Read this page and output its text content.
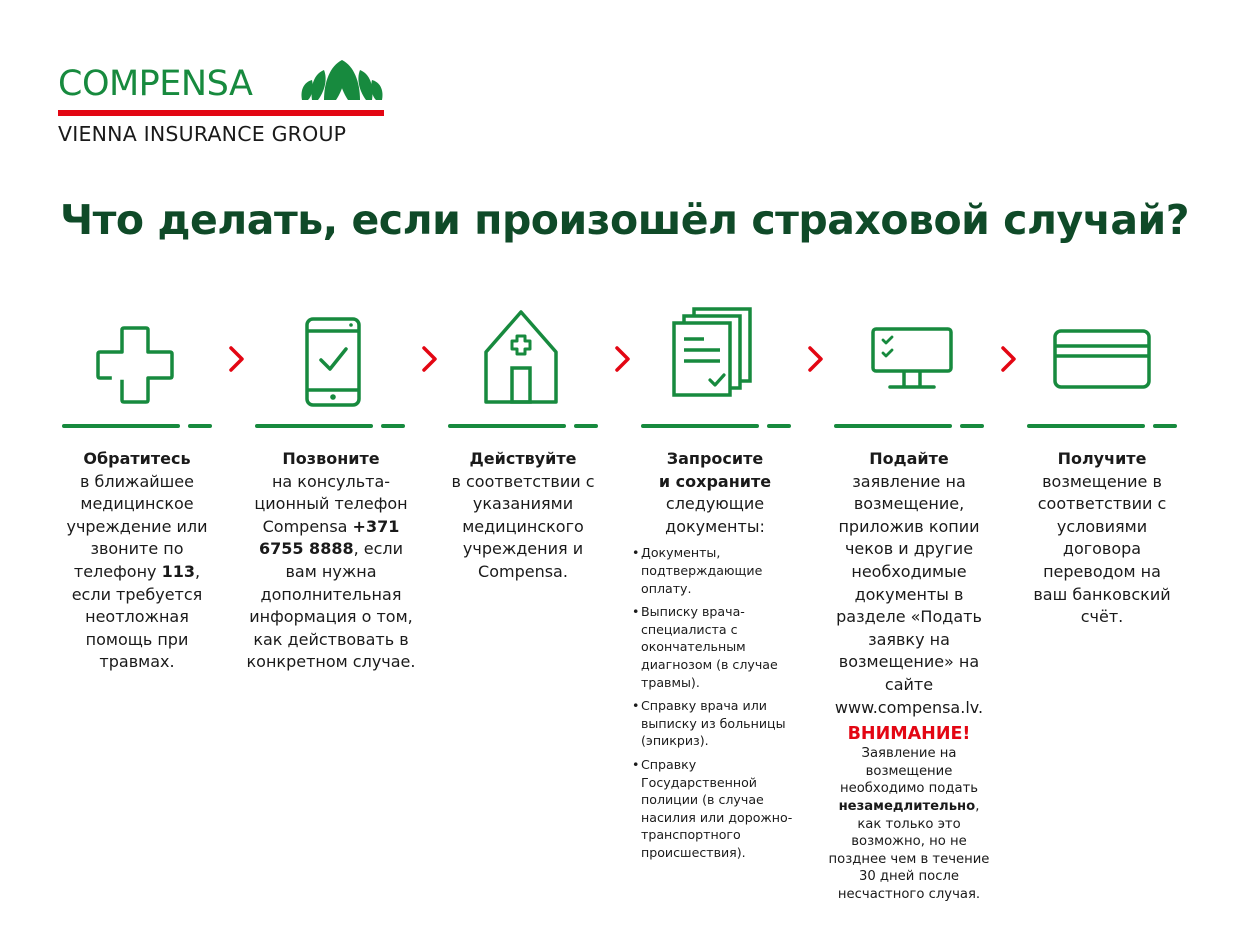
COMPENSA
VIENNA INSURANCE GROUP
Что делать, если произошёл страховой случай?
Обратитесь
в ближайшее медицинское учреждение или звоните по телефону 113, если требуется неотложная помощь при травмах.
Позвоните
на консульта-ционный телефон Compensa +371 6755 8888, если вам нужна дополнительная информация о том, как действовать в конкретном случае.
Действуйте
в соответствии с указаниями медицинского учреждения и Compensa.
Запросите
и сохраните
следующие документы:
• Документы, подтверждающие оплату.
• Выписку врача-специалиста с окончательным диагнозом (в случае травмы).
• Справку врача или выписку из больницы (эпикриз).
• Справку Государственной полиции (в случае насилия или дорожно-транспортного происшествия).
Подайте
заявление на возмещение, приложив копии чеков и другие необходимые документы в разделе «Подать заявку на возмещение» на сайте www.compensa.lv.
ВНИМАНИЕ!
Заявление на возмещение необходимо подать незамедлительно, как только это возможно, но не позднее чем в течение 30 дней после несчастного случая.
Получите
возмещение в соответствии с условиями договора переводом на ваш банковский счёт.
